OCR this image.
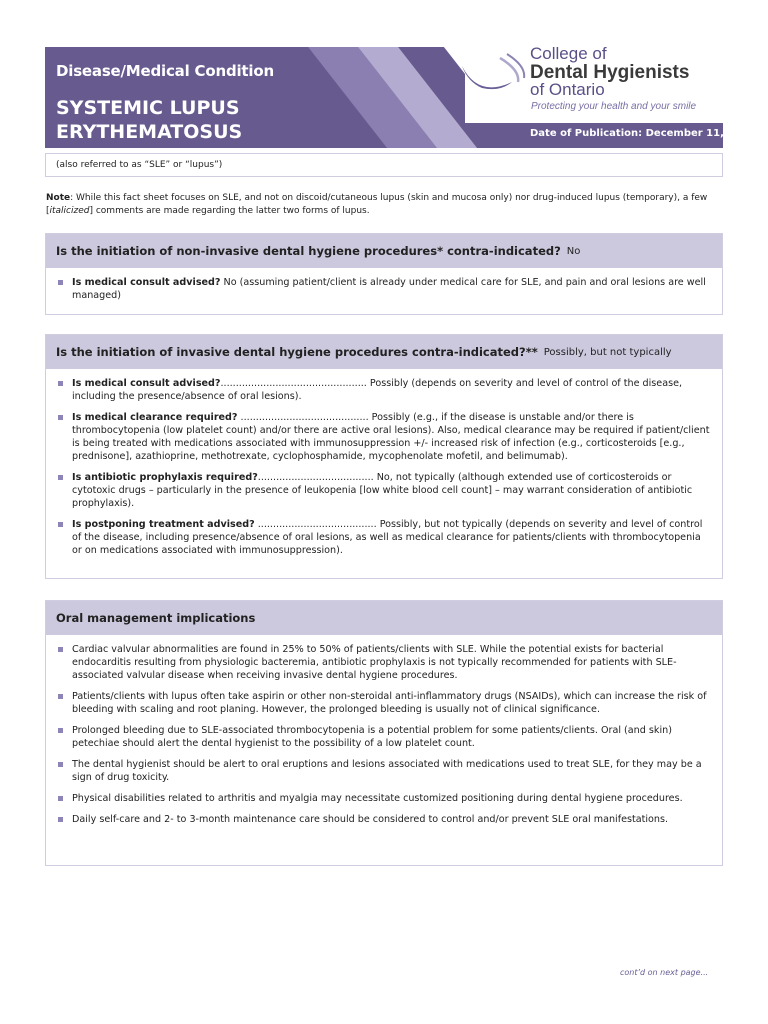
Disease/Medical Condition
SYSTEMIC LUPUS
ERYTHEMATOSUS	Date of Publication: December 11, 2013
College of
Dental Hygienists
of Ontario
Protecting your health and your smile
(also referred to as “SLE” or “lupus”)
Note: While this fact sheet focuses on SLE, and not on discoid/cutaneous lupus (skin and mucosa only) nor drug-induced lupus (temporary), a few [italicized] comments are made regarding the latter two forms of lupus.
Is the initiation of non-invasive dental hygiene procedures* contra-indicated? No
Is medical consult advised? No (assuming patient/client is already under medical care for SLE, and pain and oral lesions are well managed)
Is the initiation of invasive dental hygiene procedures contra-indicated?** Possibly, but not typically
Is medical consult advised?................................................ Possibly (depends on severity and level of control of the disease, including the presence/absence of oral lesions).
Is medical clearance required? .......................................... Possibly (e.g., if the disease is unstable and/or there is thrombocytopenia (low platelet count) and/or there are active oral lesions). Also, medical clearance may be required if patient/client is being treated with medications associated with immunosuppression +/- increased risk of infection (e.g., corticosteroids [e.g., prednisone], azathioprine, methotrexate, cyclophosphamide, mycophenolate mofetil, and belimumab).
Is antibiotic prophylaxis required?...................................... No, not typically (although extended use of corticosteroids or cytotoxic drugs – particularly in the presence of leukopenia [low white blood cell count] – may warrant consideration of antibiotic prophylaxis).
Is postponing treatment advised? ....................................... Possibly, but not typically (depends on severity and level of control of the disease, including presence/absence of oral lesions, as well as medical clearance for patients/clients with thrombocytopenia or on medications associated with immunosuppression).
Oral management implications
Cardiac valvular abnormalities are found in 25% to 50% of patients/clients with SLE. While the potential exists for bacterial endocarditis resulting from physiologic bacteremia, antibiotic prophylaxis is not typically recommended for patients with SLE-associated valvular disease when receiving invasive dental hygiene procedures.
Patients/clients with lupus often take aspirin or other non-steroidal anti-inflammatory drugs (NSAIDs), which can increase the risk of bleeding with scaling and root planing. However, the prolonged bleeding is usually not of clinical significance.
Prolonged bleeding due to SLE-associated thrombocytopenia is a potential problem for some patients/clients. Oral (and skin) petechiae should alert the dental hygienist to the possibility of a low platelet count.
The dental hygienist should be alert to oral eruptions and lesions associated with medications used to treat SLE, for they may be a sign of drug toxicity.
Physical disabilities related to arthritis and myalgia may necessitate customized positioning during dental hygiene procedures.
Daily self-care and 2- to 3-month maintenance care should be considered to control and/or prevent SLE oral manifestations.
cont’d on next page...
